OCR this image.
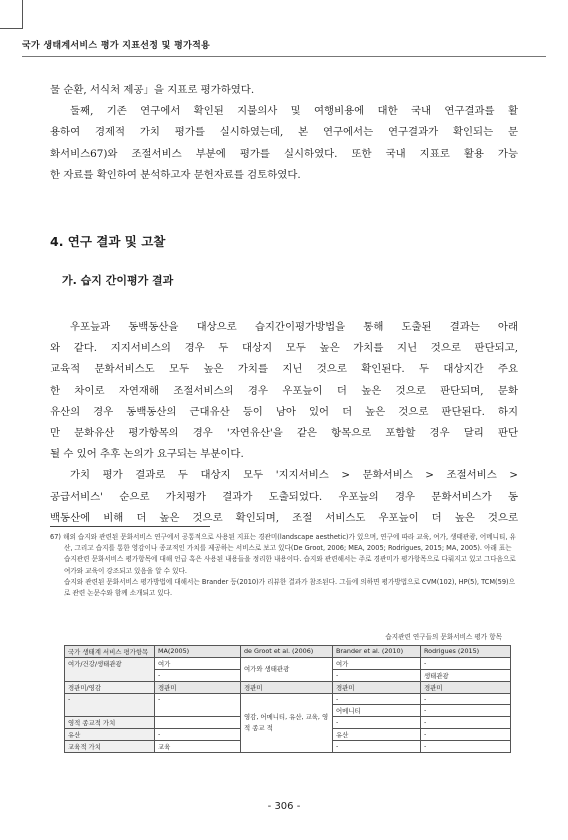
국가 생태계서비스 평가 지표선정 및 평가적용

물 순환, 서식처 제공」을 지표로 평가하였다.

둘째, 기존 연구에서 확인된 지불의사 및 여행비용에 대한 국내 연구결과를 활

용하여 경제적 가치 평가를 실시하였는데, 본 연구에서는 연구결과가 확인되는 문

화서비스67)와 조절서비스 부분에 평가를 실시하였다. 또한 국내 지표로 활용 가능

한 자료를 확인하여 분석하고자 문헌자료를 검토하였다.

4. 연구 결과 및 고찰
가. 습지 간이평가 결과

우포늪과 동백동산을 대상으로 습지간이평가방법을 통해 도출된 결과는 아래

와 같다. 지지서비스의 경우 두 대상지 모두 높은 가치를 지닌 것으로 판단되고,

교육적 문화서비스도 모두 높은 가치를 지닌 것으로 확인된다. 두 대상지간 주요

한 차이로 자연재해 조절서비스의 경우 우포늪이 더 높은 것으로 판단되며, 문화

유산의 경우 동백동산의 근대유산 등이 남아 있어 더 높은 것으로 판단된다. 하지

만 문화유산 평가항목의 경우 '자연유산'을 같은 항목으로 포함할 경우 달리 판단

될 수 있어 추후 논의가 요구되는 부분이다.

가치 평가 결과로 두 대상지 모두 '지지서비스 > 문화서비스 > 조절서비스 >

공급서비스' 순으로 가치평가 결과가 도출되었다. 우포늪의 경우 문화서비스가 동

백동산에 비해 더 높은 것으로 확인되며, 조절 서비스도 우포늪이 더 높은 것으로

67) 해외 습지와 관련된 문화서비스 연구에서 공통적으로 사용된 지표는 경관미(landscape aesthetic)가 있으며, 연구에 따라 교육, 여가, 생태관광, 어메니티, 유산, 그리고 습지를 통한 영감이나 종교적인 가치를 제공하는 서비스로 보고 있다(De Groot, 2006; MEA, 2005; Rodrigues, 2015; MA, 2005). 아래 표는 습지관련 문화서비스 평가항목에 대해 언급 혹은 사용된 내용들을 정리한 내용이다. 습지와 관련해서는 주로 경관미가 평가항목으로 다뤄지고 있고 그다음으로 여가와 교육이 강조되고 있음을 알 수 있다.

습지와 관련된 문화서비스 평가방법에 대해서는 Brander 등(2010)가 리뷰한 결과가 참조된다. 그들에 의하면 평가방법으로 CVM(102), HP(5), TCM(59)으로 관련 논문수와 함께 소개되고 있다.

습지관련 연구들의 문화서비스 평가 항목
국가 생태계 서비스 평가항목	MA(2005)	de Groot et al. (2006)	Brander et al. (2010)	Rodrigues (2015)
여가/건강/생태관광	여가	여가와 생태관광	여가	-
	-		-	생태관광
경관미/영감	경관미	경관미	경관미	경관미
-	-	영감, 어메니티, 유산, 교육, 영적 종교 적	-	-
			어메니티	-
영적 종교적 가치			-	-
유산	-		유산	-
교육적 가치	교육		-	-
- 306 -
